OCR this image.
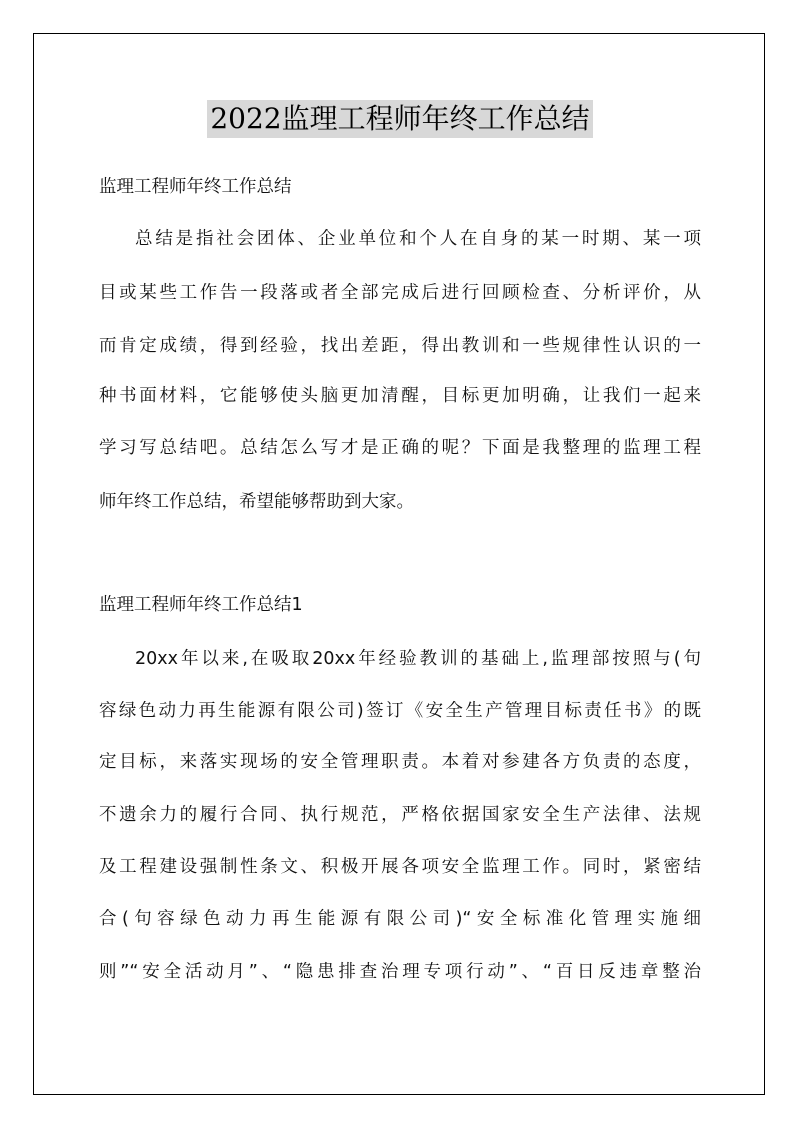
2022监理工程师年终工作总结
监理工程师年终工作总结
总结是指社会团体、企业单位和个人在自身的某一时期、某一项
目或某些工作告一段落或者全部完成后进行回顾检查、分析评价，从
而肯定成绩，得到经验，找出差距，得出教训和一些规律性认识的一
种书面材料，它能够使头脑更加清醒，目标更加明确，让我们一起来
学习写总结吧。总结怎么写才是正确的呢？下面是我整理的监理工程
师年终工作总结，希望能够帮助到大家。
监理工程师年终工作总结1
20xx年以来,在吸取20xx年经验教训的基础上,监理部按照与(句
容绿色动力再生能源有限公司)签订《安全生产管理目标责任书》的既
定目标，来落实现场的安全管理职责。本着对参建各方负责的态度，
不遗余力的履行合同、执行规范，严格依据国家安全生产法律、法规
及工程建设强制性条文、积极开展各项安全监理工作。同时，紧密结
合(句容绿色动力再生能源有限公司)“安全标准化管理实施细
则”“安全活动月”、“隐患排查治理专项行动”、“百日反违章整治
